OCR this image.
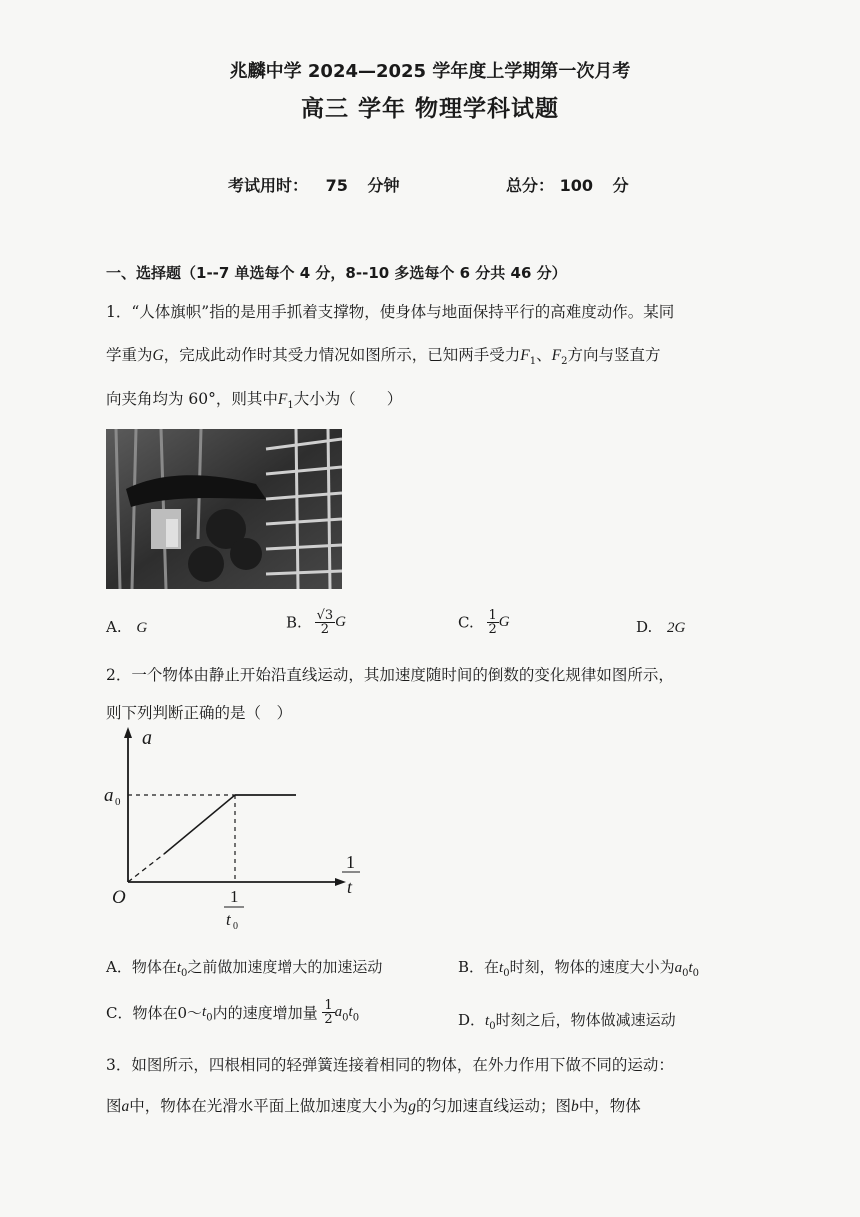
兆麟中学 2024—2025 学年度上学期第一次月考
高三 学年 物理学科试题
考试用时： 75 分钟	总分： 100 分
一、选择题（1--7 单选每个 4 分，8--10 多选每个 6 分共 46 分）
1．“人体旗帜”指的是用手抓着支撑物，使身体与地面保持平行的高难度动作。某同
学重为G，完成此动作时其受力情况如图所示，已知两手受力$F_1$、$F_2$方向与竖直方
向夹角均为 60°，则其中$F_1$大小为（　　）
A. G	B. $\frac{√3}{2}$ G	C. $\frac{1}{2}$ G	D. 2G
2．一个物体由静止开始沿直线运动，其加速度随时间的倒数的变化规律如图所示，
则下列判断正确的是（　）
a
a 0
O	1
t 0
1
t
A．物体在$t_0$之前做加速度增大的加速运动	B．在$t_0$时刻，物体的速度大小为$a_0t_0$
C．物体在$0\sim t_0$内的速度增加量 $\frac{1}{2} a_0t_0$	D．$t_0$时刻之后，物体做减速运动
3．如图所示，四根相同的轻弹簧连接着相同的物体，在外力作用下做不同的运动：
图a中，物体在光滑水平面上做加速度大小为g的匀加速直线运动；图b中，物体
